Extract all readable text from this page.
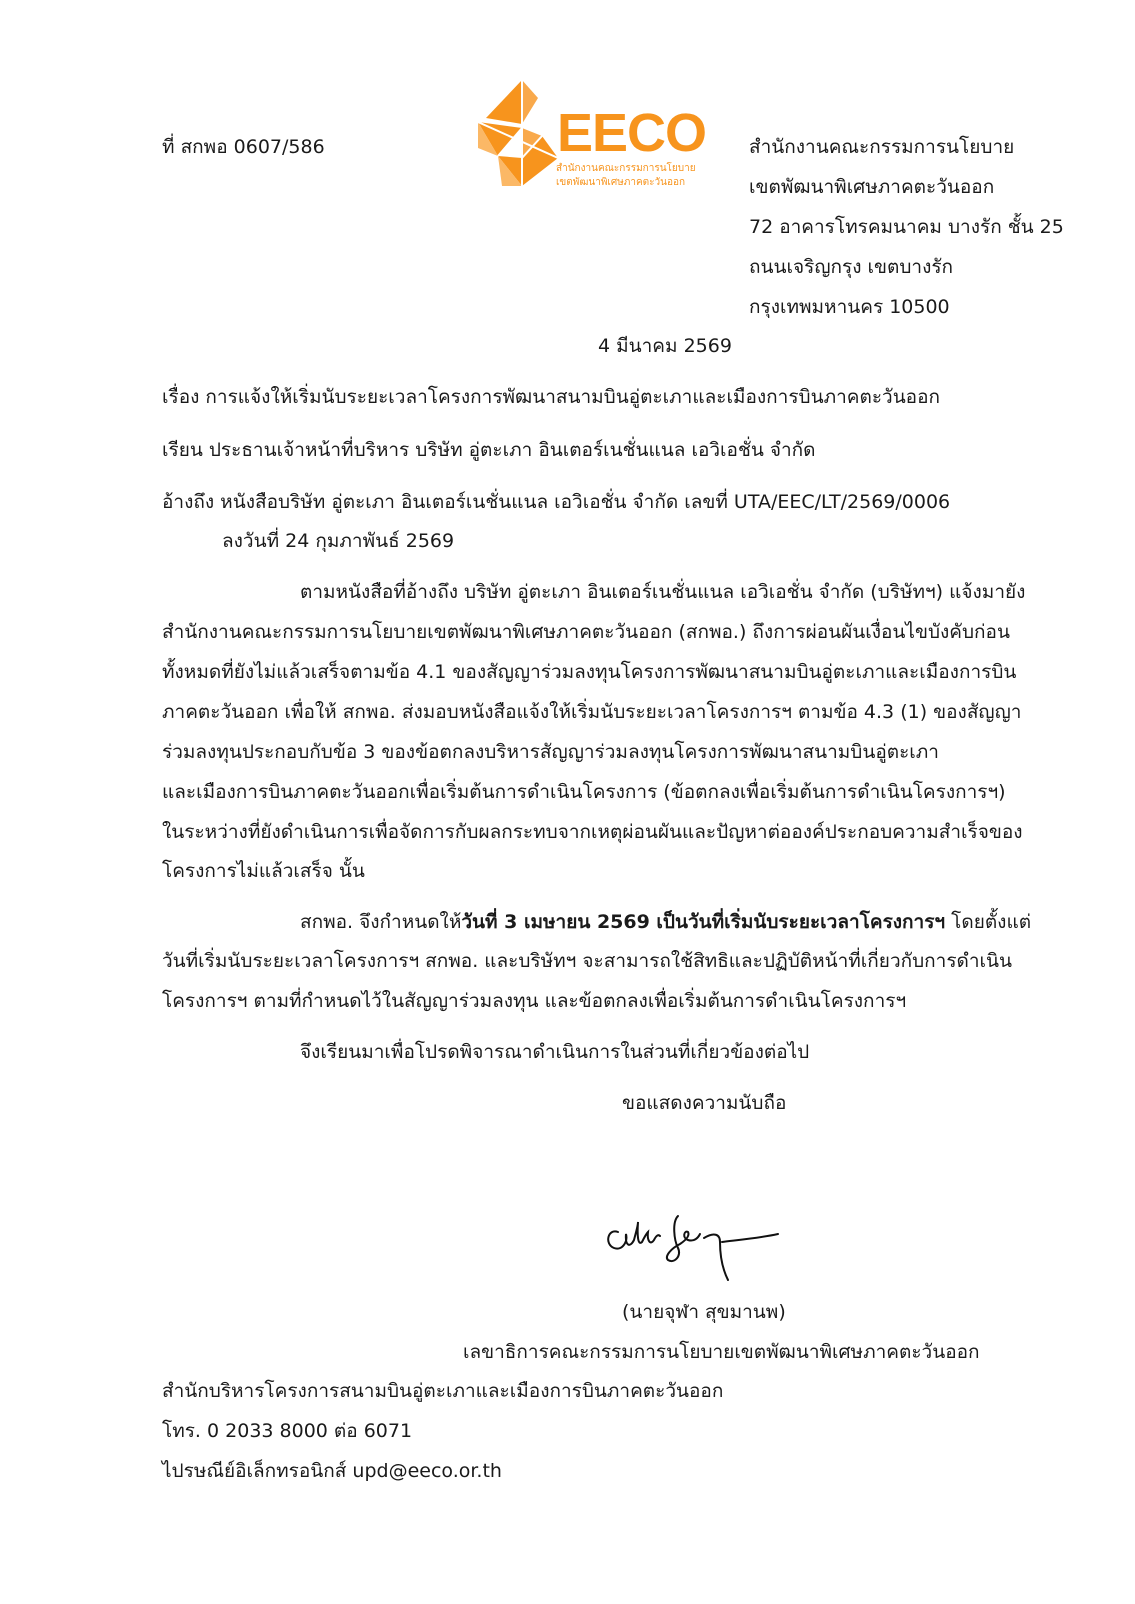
EECO
สำนักงานคณะกรรมการนโยบาย
เขตพัฒนาพิเศษภาคตะวันออก
ที่ สกพอ 0607/586	สำนักงานคณะกรรมการนโยบาย
เขตพัฒนาพิเศษภาคตะวันออก
72 อาคารโทรคมนาคม บางรัก ชั้น 25
ถนนเจริญกรุง เขตบางรัก
กรุงเทพมหานคร 10500
4 มีนาคม 2569
เรื่อง การแจ้งให้เริ่มนับระยะเวลาโครงการพัฒนาสนามบินอู่ตะเภาและเมืองการบินภาคตะวันออก
เรียน ประธานเจ้าหน้าที่บริหาร บริษัท อู่ตะเภา อินเตอร์เนชั่นแนล เอวิเอชั่น จำกัด
อ้างถึง หนังสือบริษัท อู่ตะเภา อินเตอร์เนชั่นแนล เอวิเอชั่น จำกัด เลขที่ UTA/EEC/LT/2569/0006
ลงวันที่ 24 กุมภาพันธ์ 2569
ตามหนังสือที่อ้างถึง บริษัท อู่ตะเภา อินเตอร์เนชั่นแนล เอวิเอชั่น จำกัด (บริษัทฯ) แจ้งมายัง
สำนักงานคณะกรรมการนโยบายเขตพัฒนาพิเศษภาคตะวันออก (สกพอ.) ถึงการผ่อนผันเงื่อนไขบังคับก่อน
ทั้งหมดที่ยังไม่แล้วเสร็จตามข้อ 4.1 ของสัญญาร่วมลงทุนโครงการพัฒนาสนามบินอู่ตะเภาและเมืองการบิน
ภาคตะวันออก เพื่อให้ สกพอ. ส่งมอบหนังสือแจ้งให้เริ่มนับระยะเวลาโครงการฯ ตามข้อ 4.3 (1) ของสัญญา
ร่วมลงทุนประกอบกับข้อ 3 ของข้อตกลงบริหารสัญญาร่วมลงทุนโครงการพัฒนาสนามบินอู่ตะเภา
และเมืองการบินภาคตะวันออกเพื่อเริ่มต้นการดำเนินโครงการ (ข้อตกลงเพื่อเริ่มต้นการดำเนินโครงการฯ)
ในระหว่างที่ยังดำเนินการเพื่อจัดการกับผลกระทบจากเหตุผ่อนผันและปัญหาต่อองค์ประกอบความสำเร็จของ
โครงการไม่แล้วเสร็จ นั้น
สกพอ. จึงกำหนดให้วันที่ 3 เมษายน 2569 เป็นวันที่เริ่มนับระยะเวลาโครงการฯ โดยตั้งแต่
วันที่เริ่มนับระยะเวลาโครงการฯ สกพอ. และบริษัทฯ จะสามารถใช้สิทธิและปฏิบัติหน้าที่เกี่ยวกับการดำเนิน
โครงการฯ ตามที่กำหนดไว้ในสัญญาร่วมลงทุน และข้อตกลงเพื่อเริ่มต้นการดำเนินโครงการฯ
จึงเรียนมาเพื่อโปรดพิจารณาดำเนินการในส่วนที่เกี่ยวข้องต่อไป
ขอแสดงความนับถือ
(นายจุฬา สุขมานพ)
เลขาธิการคณะกรรมการนโยบายเขตพัฒนาพิเศษภาคตะวันออก
สำนักบริหารโครงการสนามบินอู่ตะเภาและเมืองการบินภาคตะวันออก
โทร. 0 2033 8000 ต่อ 6071
ไปรษณีย์อิเล็กทรอนิกส์ upd@eeco.or.th
